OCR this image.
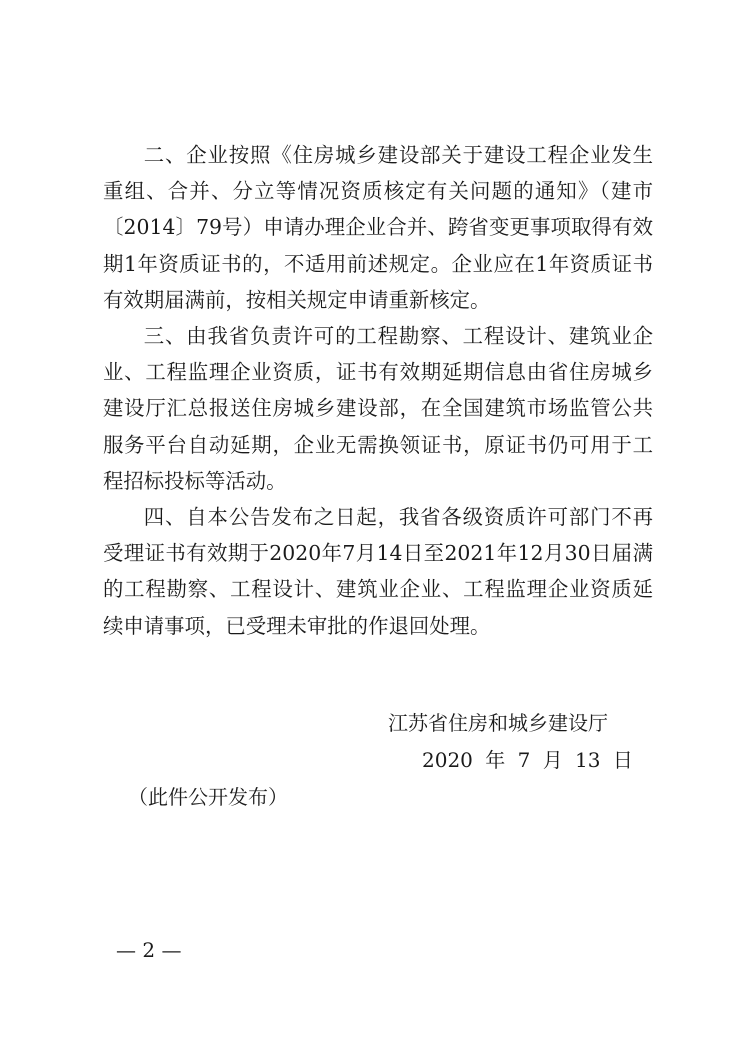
二、企业按照《住房城乡建设部关于建设工程企业发生重组、合并、分立等情况资质核定有关问题的通知》（建市〔2014〕79号）申请办理企业合并、跨省变更事项取得有效期1年资质证书的，不适用前述规定。企业应在1年资质证书有效期届满前，按相关规定申请重新核定。

三、由我省负责许可的工程勘察、工程设计、建筑业企业、工程监理企业资质，证书有效期延期信息由省住房城乡建设厅汇总报送住房城乡建设部，在全国建筑市场监管公共服务平台自动延期，企业无需换领证书，原证书仍可用于工程招标投标等活动。

四、自本公告发布之日起，我省各级资质许可部门不再受理证书有效期于2020年7月14日至2021年12月30日届满的工程勘察、工程设计、建筑业企业、工程监理企业资质延续申请事项，已受理未审批的作退回处理。

江苏省住房和城乡建设厅
2020 年 7 月 13 日
（此件公开发布）
— 2 —
